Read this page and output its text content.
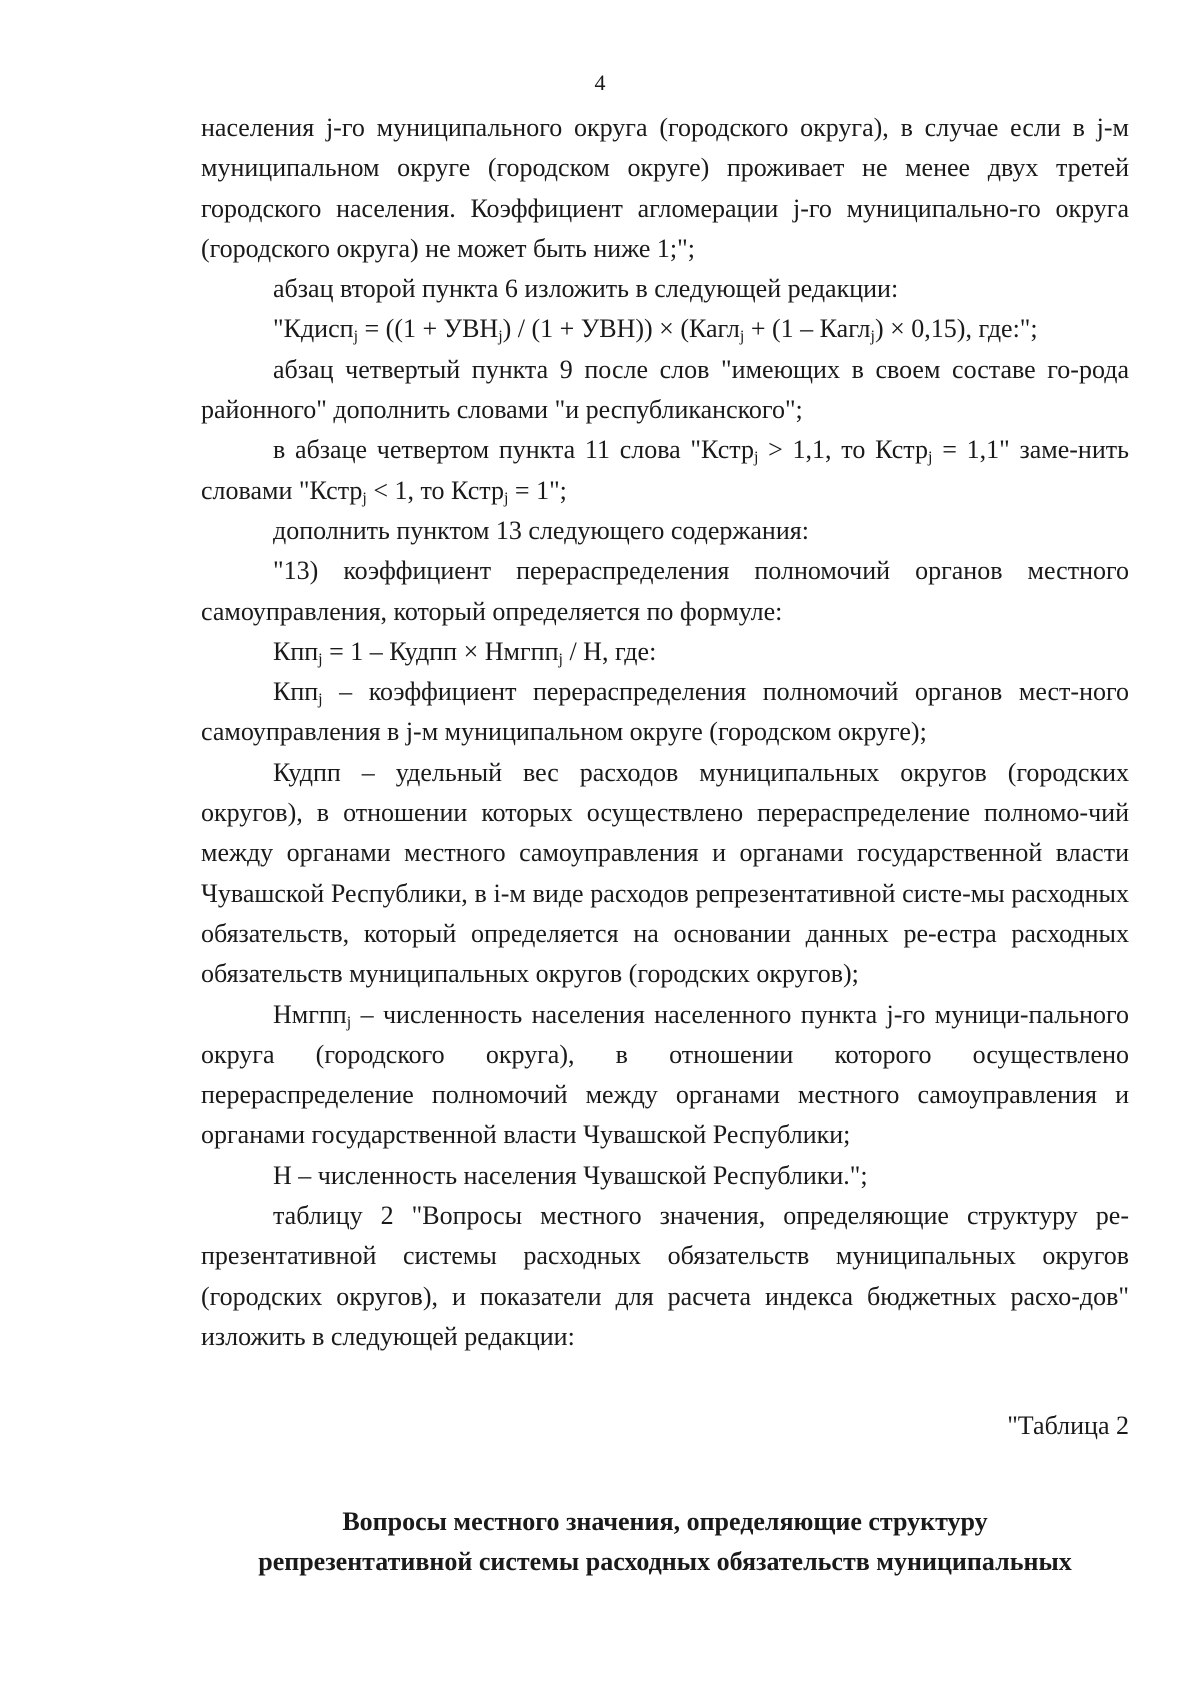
4

населения j-го муниципального округа (городского округа), в случае если в j-м муниципальном округе (городском округе) проживает не менее двух третей городского населения. Коэффициент агломерации j-го муниципально-го округа (городского округа) не может быть ниже 1;";

абзац второй пункта 6 изложить в следующей редакции:

"Кдисп$_j$ = $((1 + УВН_j) / (1 + УВН))$ × (Кагл$_j$ + (1 – Кагл$_j$) × 0,15), где:";

абзац четвертый пункта 9 после слов "имеющих в своем составе го-рода районного" дополнить словами "и республиканского";

в абзаце четвертом пункта 11 слова "Кстр$_j$ > 1,1, то Кстр$_j$ = 1,1" заме-нить словами "Кстр$_j$ < 1, то Кстр$_j$ = 1";

дополнить пунктом 13 следующего содержания:

"13) коэффициент перераспределения полномочий органов местного самоуправления, который определяется по формуле:

Кпп$_j$ = 1 – Кудпп × Нмгпп$_j$ / Н, где:

Кпп$_j$ – коэффициент перераспределения полномочий органов мест-ного самоуправления в j-м муниципальном округе (городском округе);

Кудпп – удельный вес расходов муниципальных округов (городских округов), в отношении которых осуществлено перераспределение полномо-чий между органами местного самоуправления и органами государственной власти Чувашской Республики, в i-м виде расходов репрезентативной систе-мы расходных обязательств, который определяется на основании данных ре-естра расходных обязательств муниципальных округов (городских округов);

Нмгпп$_j$ – численность населения населенного пункта j-го муници-пального округа (городского округа), в отношении которого осуществлено перераспределение полномочий между органами местного самоуправления и органами государственной власти Чувашской Республики;

Н – численность населения Чувашской Республики.";

таблицу 2 "Вопросы местного значения, определяющие структуру ре-презентативной системы расходных обязательств муниципальных округов (городских округов), и показатели для расчета индекса бюджетных расхо-дов" изложить в следующей редакции:

"Таблица 2
Вопросы местного значения, определяющие структуру
репрезентативной системы расходных обязательств муниципальных
